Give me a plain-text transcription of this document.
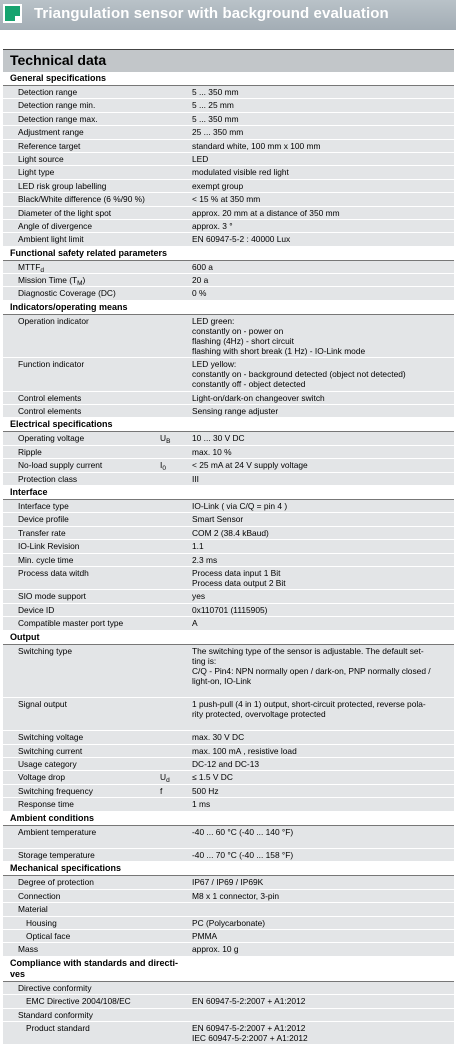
Triangulation sensor with background evaluation
Technical data
General specifications
Detection range	5 ... 350 mm
Detection range min.	5 ... 25 mm
Detection range max.	5 ... 350 mm
Adjustment range	25 ... 350 mm
Reference target	standard white, 100 mm x 100 mm
Light source	LED
Light type	modulated visible red light
LED risk group labelling	exempt group
Black/White difference (6 %/90 %)	< 15 % at 350 mm
Diameter of the light spot	approx. 20 mm at a distance of 350 mm
Angle of divergence	approx. 3 °
Ambient light limit	EN 60947-5-2 : 40000 Lux
Functional safety related parameters
$MTTF_d$	600 a
Mission Time $(T_M)$	20 a
Diagnostic Coverage (DC)	0 %
Indicators/operating means
Operation indicator	LED green:
constantly on - power on
flashing (4Hz) - short circuit
flashing with short break (1 Hz) - IO-Link mode
Function indicator	LED yellow:
constantly on - background detected (object not detected)
constantly off - object detected
Control elements	Light-on/dark-on changeover switch
Control elements	Sensing range adjuster
Electrical specifications
Operating voltage	$U_B$	10 ... 30 V DC
Ripple	max. 10 %
No-load supply current	$I_0$	< 25 mA at 24 V supply voltage
Protection class	III
Interface
Interface type	IO-Link ( via C/Q = pin 4 )
Device profile	Smart Sensor
Transfer rate	COM 2 (38.4 kBaud)
IO-Link Revision	1.1
Min. cycle time	2.3 ms
Process data witdh	Process data input 1 Bit
Process data output 2 Bit
SIO mode support	yes
Device ID	0x110701 (1115905)
Compatible master port type	A
Output
Switching type	The switching type of the sensor is adjustable. The default set-
ting is:
C/Q - Pin4: NPN normally open / dark-on, PNP normally closed /
light-on, IO-Link

Signal output	1 push-pull (4 in 1) output, short-circuit protected, reverse pola-
rity protected, overvoltage protected

Switching voltage	max. 30 V DC
Switching current	max. 100 mA , resistive load
Usage category	DC-12 and DC-13
Voltage drop	$U_d$	≤ 1.5 V DC
Switching frequency	f	500 Hz
Response time	1 ms
Ambient conditions
Ambient temperature	-40 ... 60 °C (-40 ... 140 °F)

Storage temperature	-40 ... 70 °C (-40 ... 158 °F)
Mechanical specifications
Degree of protection	IP67 / IP69 / IP69K
Connection	M8 x 1 connector, 3-pin
Material
Housing	PC (Polycarbonate)
Optical face	PMMA
Mass	approx. 10 g
Compliance with standards and directi-
ves
Directive conformity
EMC Directive 2004/108/EC	EN 60947-5-2:2007 + A1:2012
Standard conformity
Product standard	EN 60947-5-2:2007 + A1:2012
IEC 60947-5-2:2007 + A1:2012
